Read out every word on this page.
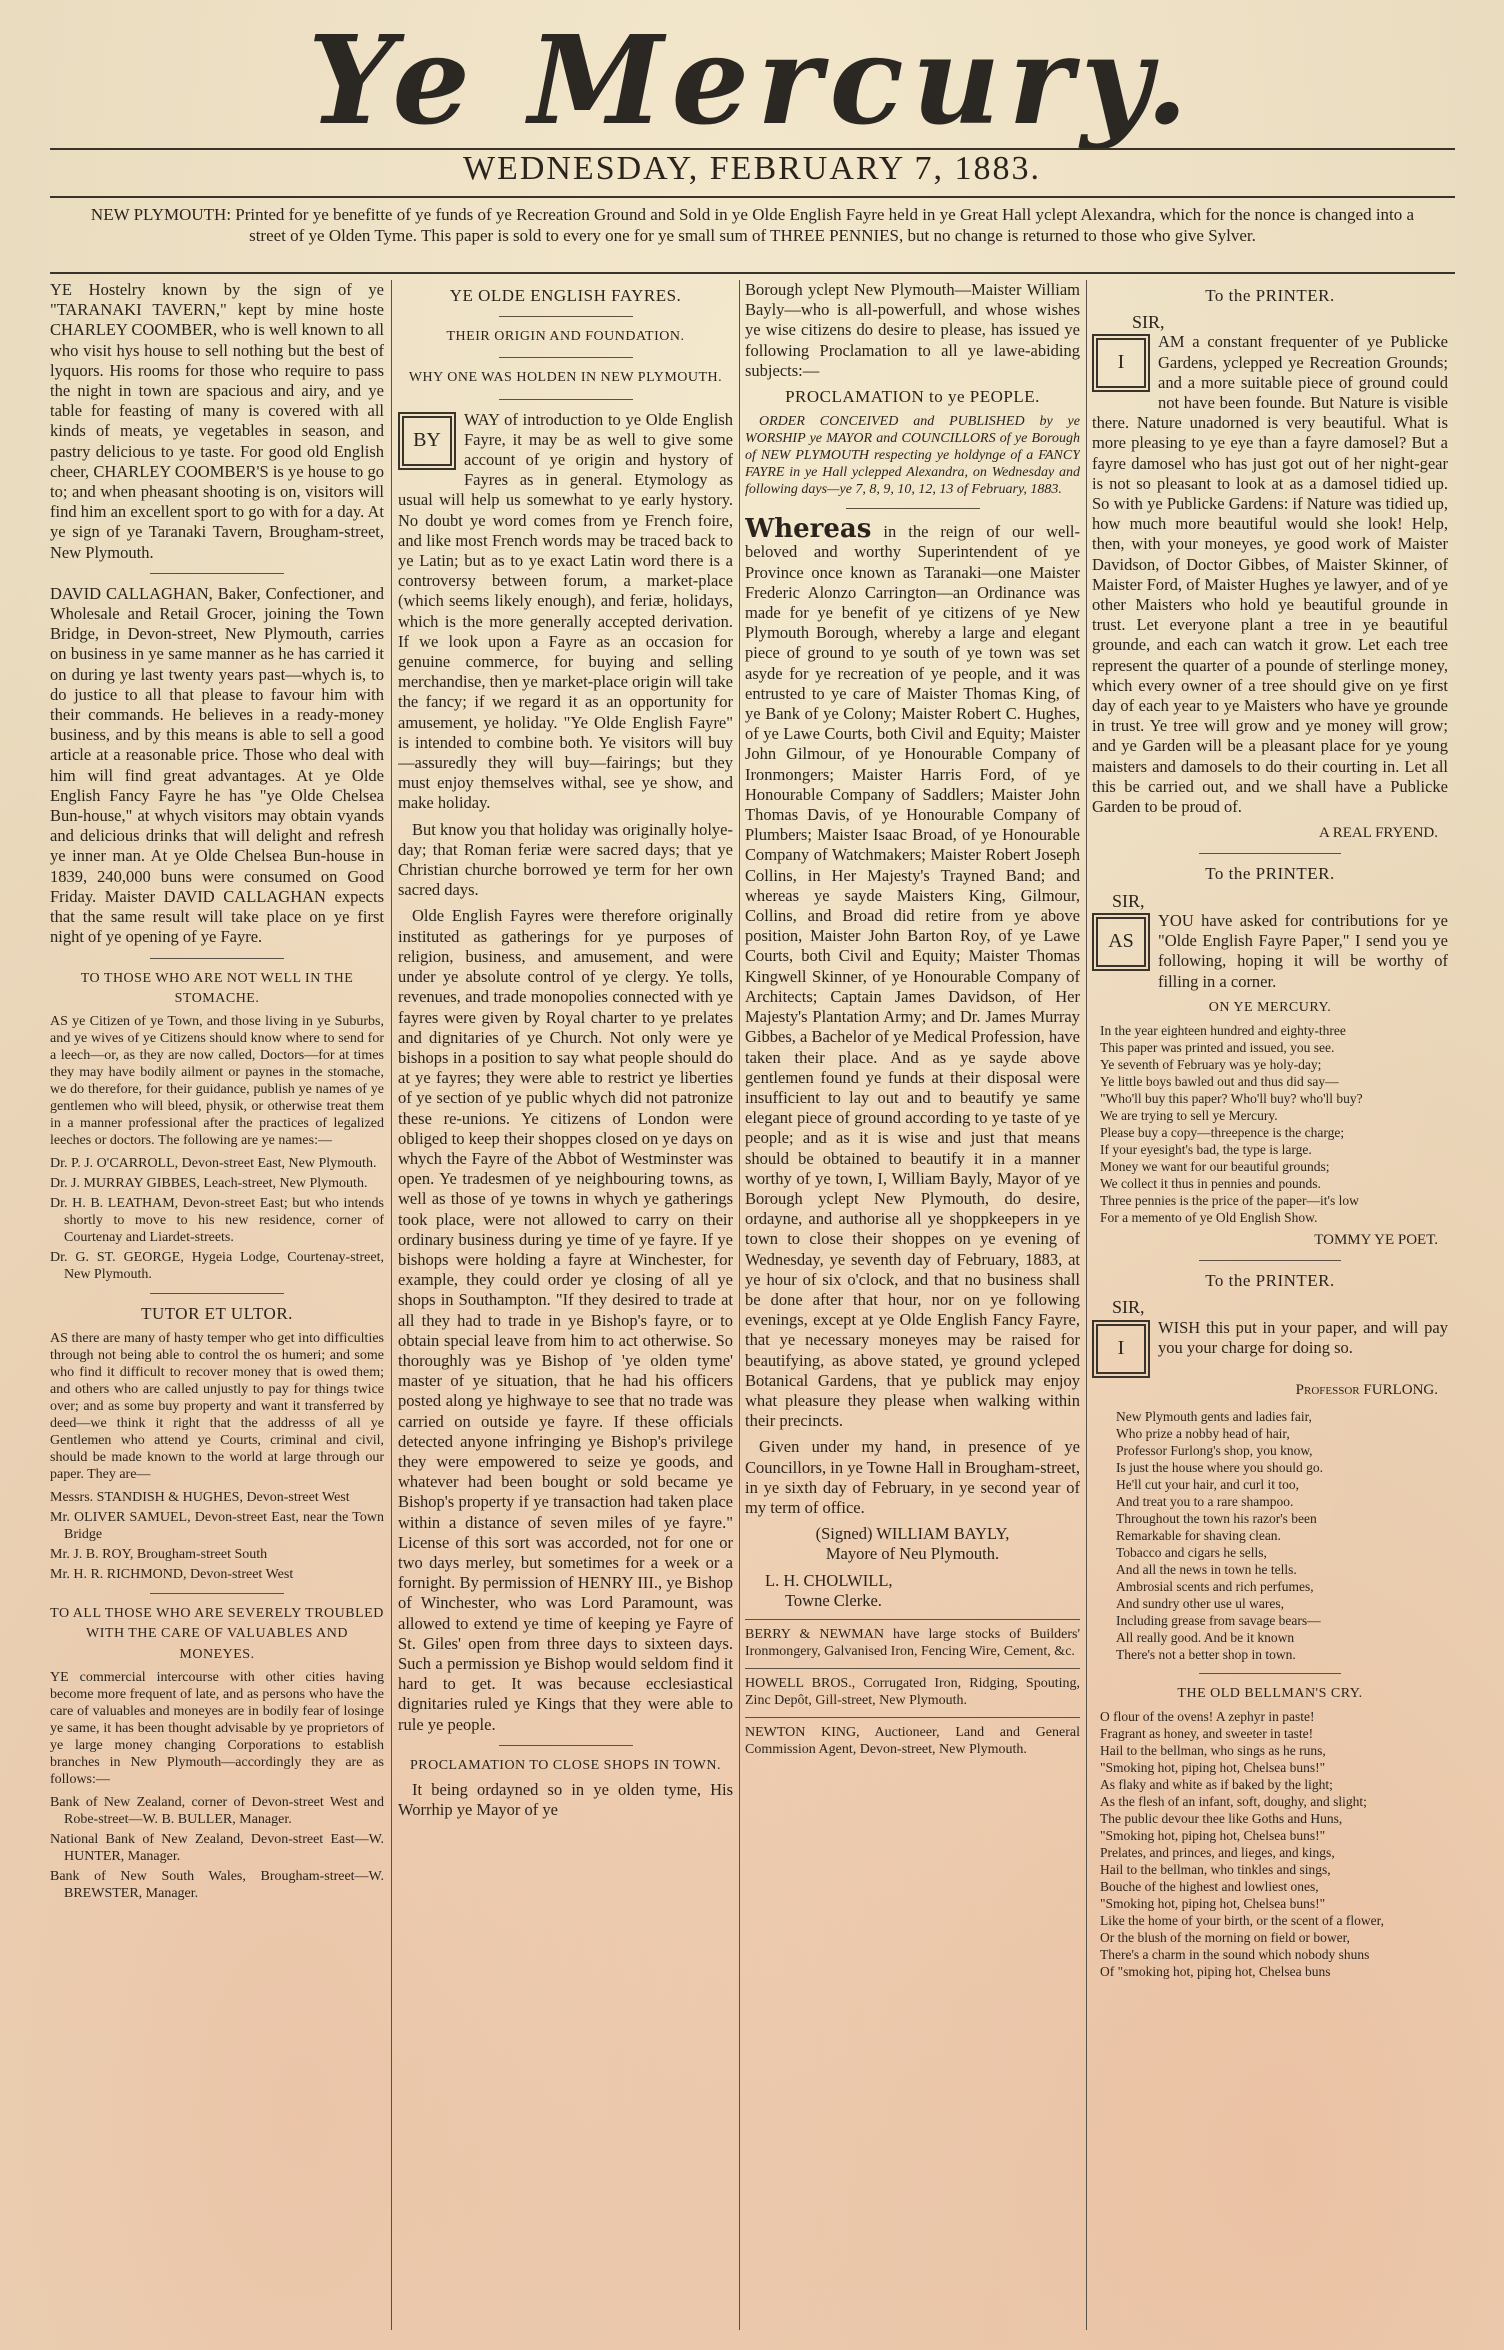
Ye Mercury.
WEDNESDAY, FEBRUARY 7, 1883.
NEW PLYMOUTH: Printed for ye benefitte of ye funds of ye Recreation Ground and Sold in ye Olde English Fayre held in ye Great Hall yclept Alexandra, which for the nonce is changed into a street of ye Olden Tyme. This paper is sold to every one for ye small sum of THREE PENNIES, but no change is returned to those who give Sylver.

YE Hostelry known by the sign of ye "TARANAKI TAVERN," kept by mine hoste CHARLEY COOMBER, who is well known to all who visit hys house to sell nothing but the best of lyquors. His rooms for those who require to pass the night in town are spacious and airy, and ye table for feasting of many is covered with all kinds of meats, ye vegetables in season, and pastry delicious to ye taste. For good old English cheer, CHARLEY COOMBER'S is ye house to go to; and when pheasant shooting is on, visitors will find him an excellent sport to go with for a day. At ye sign of ye Taranaki Tavern, Brougham-street, New Plymouth.

DAVID CALLAGHAN, Baker, Confectioner, and Wholesale and Retail Grocer, joining the Town Bridge, in Devon-street, New Plymouth, carries on business in ye same manner as he has carried it on during ye last twenty years past—whych is, to do justice to all that please to favour him with their commands. He believes in a ready-money business, and by this means is able to sell a good article at a reasonable price. Those who deal with him will find great advantages. At ye Olde English Fancy Fayre he has "ye Olde Chelsea Bun-house," at whych visitors may obtain vyands and delicious drinks that will delight and refresh ye inner man. At ye Olde Chelsea Bun-house in 1839, 240,000 buns were consumed on Good Friday. Maister DAVID CALLAGHAN expects that the same result will take place on ye first night of ye opening of ye Fayre.

TO THOSE WHO ARE NOT WELL IN THE STOMACHE.

AS ye Citizen of ye Town, and those living in ye Suburbs, and ye wives of ye Citizens should know where to send for a leech—or, as they are now called, Doctors—for at times they may have bodily ailment or paynes in the stomache, we do therefore, for their guidance, publish ye names of ye gentlemen who will bleed, physik, or otherwise treat them in a manner professional after the practices of legalized leeches or doctors. The following are ye names:—

Dr. P. J. O'CARROLL, Devon-street East, New Plymouth.
Dr. J. MURRAY GIBBES, Leach-street, New Plymouth.
Dr. H. B. LEATHAM, Devon-street East; but who intends shortly to move to his new residence, corner of Courtenay and Liardet-streets.
Dr. G. ST. GEORGE, Hygeia Lodge, Courtenay-street, New Plymouth.
TUTOR ET ULTOR.

AS there are many of hasty temper who get into difficulties through not being able to control the os humeri; and some who find it difficult to recover money that is owed them; and others who are called unjustly to pay for things twice over; and as some buy property and want it transferred by deed—we think it right that the addresss of all ye Gentlemen who attend ye Courts, criminal and civil, should be made known to the world at large through our paper. They are—

Messrs. STANDISH & HUGHES, Devon-street West
Mr. OLIVER SAMUEL, Devon-street East, near the Town Bridge
Mr. J. B. ROY, Brougham-street South
Mr. H. R. RICHMOND, Devon-street West
TO ALL THOSE WHO ARE SEVERELY TROUBLED WITH THE CARE OF VALUABLES AND MONEYES.

YE commercial intercourse with other cities having become more frequent of late, and as persons who have the care of valuables and moneyes are in bodily fear of losinge ye same, it has been thought advisable by ye proprietors of ye large money changing Corporations to establish branches in New Plymouth—accordingly they are as follows:—

Bank of New Zealand, corner of Devon-street West and Robe-street—W. B. BULLER, Manager.
National Bank of New Zealand, Devon-street East—W. HUNTER, Manager.
Bank of New South Wales, Brougham-street—W. BREWSTER, Manager.
YE OLDE ENGLISH FAYRES.
THEIR ORIGIN AND FOUNDATION.
WHY ONE WAS HOLDEN IN NEW PLYMOUTH.
BY

WAY of introduction to ye Olde English Fayre, it may be as well to give some account of ye origin and hystory of Fayres as in general. Etymology as usual will help us somewhat to ye early hystory. No doubt ye word comes from ye French foire, and like most French words may be traced back to ye Latin; but as to ye exact Latin word there is a controversy between forum, a market-place (which seems likely enough), and feriæ, holidays, which is the more generally accepted derivation. If we look upon a Fayre as an occasion for genuine commerce, for buying and selling merchandise, then ye market-place origin will take the fancy; if we regard it as an opportunity for amusement, ye holiday. "Ye Olde English Fayre" is intended to combine both. Ye visitors will buy—assuredly they will buy—fairings; but they must enjoy themselves withal, see ye show, and make holiday.

But know you that holiday was originally holye-day; that Roman feriæ were sacred days; that ye Christian churche borrowed ye term for her own sacred days.

Olde English Fayres were therefore originally instituted as gatherings for ye purposes of religion, business, and amusement, and were under ye absolute control of ye clergy. Ye tolls, revenues, and trade monopolies connected with ye fayres were given by Royal charter to ye prelates and dignitaries of ye Church. Not only were ye bishops in a position to say what people should do at ye fayres; they were able to restrict ye liberties of ye section of ye public whych did not patronize these re-unions. Ye citizens of London were obliged to keep their shoppes closed on ye days on whych the Fayre of the Abbot of Westminster was open. Ye tradesmen of ye neighbouring towns, as well as those of ye towns in whych ye gatherings took place, were not allowed to carry on their ordinary business during ye time of ye fayre. If ye bishops were holding a fayre at Winchester, for example, they could order ye closing of all ye shops in Southampton. "If they desired to trade at all they had to trade in ye Bishop's fayre, or to obtain special leave from him to act otherwise. So thoroughly was ye Bishop of 'ye olden tyme' master of ye situation, that he had his officers posted along ye highwaye to see that no trade was carried on outside ye fayre. If these officials detected anyone infringing ye Bishop's privilege they were empowered to seize ye goods, and whatever had been bought or sold became ye Bishop's property if ye transaction had taken place within a distance of seven miles of ye fayre." License of this sort was accorded, not for one or two days merley, but sometimes for a week or a fornight. By permission of HENRY III., ye Bishop of Winchester, who was Lord Paramount, was allowed to extend ye time of keeping ye Fayre of St. Giles' open from three days to sixteen days. Such a permission ye Bishop would seldom find it hard to get. It was because ecclesiastical dignitaries ruled ye Kings that they were able to rule ye people.

PROCLAMATION TO CLOSE SHOPS IN TOWN.

It being ordayned so in ye olden tyme, His Worrhip ye Mayor of ye

Borough yclept New Plymouth—Maister William Bayly—who is all-powerfull, and whose wishes ye wise citizens do desire to please, has issued ye following Proclamation to all ye lawe-abiding subjects:—

PROCLAMATION to ye PEOPLE.

ORDER CONCEIVED and PUBLISHED by ye WORSHIP ye MAYOR and COUNCILLORS of ye Borough of NEW PLYMOUTH respecting ye holdynge of a FANCY FAYRE in ye Hall yclepped Alexandra, on Wednesday and following days—ye 7, 8, 9, 10, 12, 13 of February, 1883.

Whereas in the reign of our well-beloved and worthy Superintendent of ye Province once known as Taranaki—one Maister Frederic Alonzo Carrington—an Ordinance was made for ye benefit of ye citizens of ye New Plymouth Borough, whereby a large and elegant piece of ground to ye south of ye town was set asyde for ye recreation of ye people, and it was entrusted to ye care of Maister Thomas King, of ye Bank of ye Colony; Maister Robert C. Hughes, of ye Lawe Courts, both Civil and Equity; Maister John Gilmour, of ye Honourable Company of Ironmongers; Maister Harris Ford, of ye Honourable Company of Saddlers; Maister John Thomas Davis, of ye Honourable Company of Plumbers; Maister Isaac Broad, of ye Honourable Company of Watchmakers; Maister Robert Joseph Collins, in Her Majesty's Trayned Band; and whereas ye sayde Maisters King, Gilmour, Collins, and Broad did retire from ye above position, Maister John Barton Roy, of ye Lawe Courts, both Civil and Equity; Maister Thomas Kingwell Skinner, of ye Honourable Company of Architects; Captain James Davidson, of Her Majesty's Plantation Army; and Dr. James Murray Gibbes, a Bachelor of ye Medical Profession, have taken their place. And as ye sayde above gentlemen found ye funds at their disposal were insufficient to lay out and to beautify ye same elegant piece of ground according to ye taste of ye people; and as it is wise and just that means should be obtained to beautify it in a manner worthy of ye town, I, William Bayly, Mayor of ye Borough yclept New Plymouth, do desire, ordayne, and authorise all ye shoppkeepers in ye town to close their shoppes on ye evening of Wednesday, ye seventh day of February, 1883, at ye hour of six o'clock, and that no business shall be done after that hour, nor on ye following evenings, except at ye Olde English Fancy Fayre, that ye necessary moneyes may be raised for beautifying, as above stated, ye ground ycleped Botanical Gardens, that ye publick may enjoy what pleasure they please when walking within their precincts.

Given under my hand, in presence of ye Councillors, in ye Towne Hall in Brougham-street, in ye sixth day of February, in ye second year of my term of office.

(Signed) WILLIAM BAYLY,
Mayore of Neu Plymouth.
L. H. CHOLWILL,
Towne Clerke.
BERRY & NEWMAN have large stocks of Builders' Ironmongery, Galvanised Iron, Fencing Wire, Cement, &c.
HOWELL BROS., Corrugated Iron, Ridging, Spouting, Zinc Depôt, Gill-street, New Plymouth.
NEWTON KING, Auctioneer, Land and General Commission Agent, Devon-street, New Plymouth.
To the PRINTER.
SIR,
I

AM a constant frequenter of ye Publicke Gardens, yclepped ye Recreation Grounds; and a more suitable piece of ground could not have been founde. But Nature is visible there. Nature unadorned is very beautiful. What is more pleasing to ye eye than a fayre damosel? But a fayre damosel who has just got out of her night-gear is not so pleasant to look at as a damosel tidied up. So with ye Publicke Gardens: if Nature was tidied up, how much more beautiful would she look! Help, then, with your moneyes, ye good work of Maister Davidson, of Doctor Gibbes, of Maister Skinner, of Maister Ford, of Maister Hughes ye lawyer, and of ye other Maisters who hold ye beautiful grounde in trust. Let everyone plant a tree in ye beautiful grounde, and each can watch it grow. Let each tree represent the quarter of a pounde of sterlinge money, which every owner of a tree should give on ye first day of each year to ye Maisters who have ye grounde in trust. Ye tree will grow and ye money will grow; and ye Garden will be a pleasant place for ye young maisters and damosels to do their courting in. Let all this be carried out, and we shall have a Publicke Garden to be proud of.

A REAL FRYEND.
To the PRINTER.
SIR,
AS

YOU have asked for contributions for ye "Olde English Fayre Paper," I send you ye following, hoping it will be worthy of filling in a corner.

ON YE MERCURY.
In the year eighteen hundred and eighty-three
This paper was printed and issued, you see.
Ye seventh of February was ye holy-day;
Ye little boys bawled out and thus did say—
"Who'll buy this paper? Who'll buy? who'll buy?
We are trying to sell ye Mercury.
Please buy a copy—threepence is the charge;
If your eyesight's bad, the type is large.
Money we want for our beautiful grounds;
We collect it thus in pennies and pounds.
Three pennies is the price of the paper—it's low
For a memento of ye Old English Show.
TOMMY YE POET.
To the PRINTER.
SIR,
I

WISH this put in your paper, and will pay you your charge for doing so.

Professor FURLONG.
New Plymouth gents and ladies fair,
Who prize a nobby head of hair,
Professor Furlong's shop, you know,
Is just the house where you should go.
He'll cut your hair, and curl it too,
And treat you to a rare shampoo.
Throughout the town his razor's been
Remarkable for shaving clean.
Tobacco and cigars he sells,
And all the news in town he tells.
Ambrosial scents and rich perfumes,
And sundry other use ul wares,
Including grease from savage bears—
All really good. And be it known
There's not a better shop in town.
THE OLD BELLMAN'S CRY.
O flour of the ovens! A zephyr in paste!
Fragrant as honey, and sweeter in taste!
Hail to the bellman, who sings as he runs,
"Smoking hot, piping hot, Chelsea buns!"
As flaky and white as if baked by the light;
As the flesh of an infant, soft, doughy, and slight;
The public devour thee like Goths and Huns,
"Smoking hot, piping hot, Chelsea buns!"
Prelates, and princes, and lieges, and kings,
Hail to the bellman, who tinkles and sings,
Bouche of the highest and lowliest ones,
"Smoking hot, piping hot, Chelsea buns!"
Like the home of your birth, or the scent of a flower,
Or the blush of the morning on field or bower,
There's a charm in the sound which nobody shuns
Of "smoking hot, piping hot, Chelsea buns
